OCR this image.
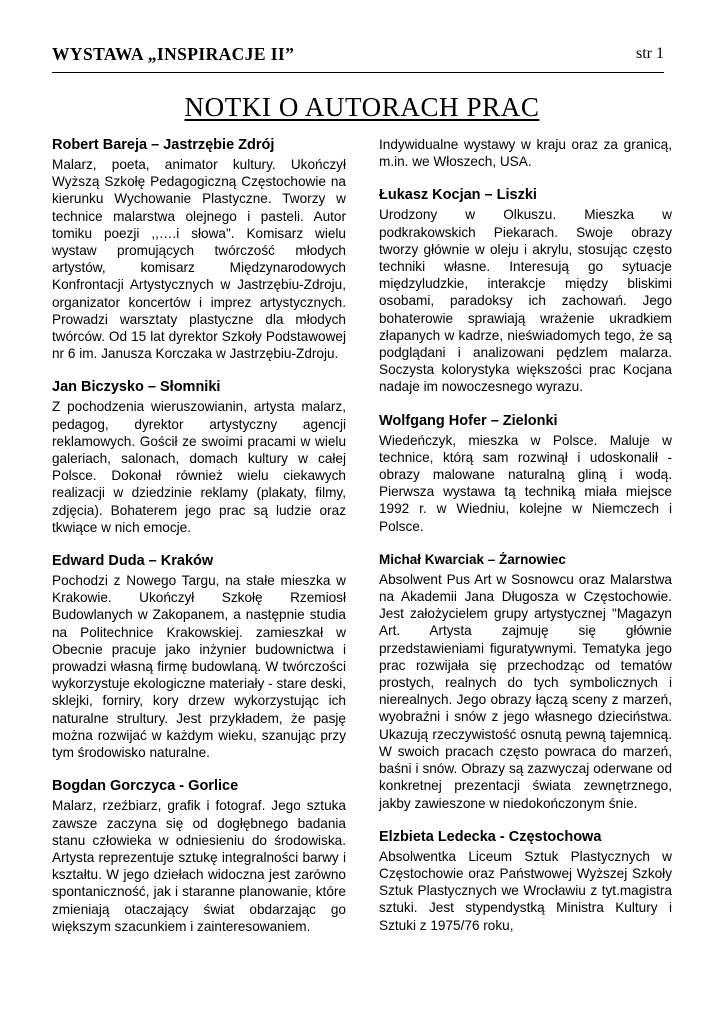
WYSTAWA „INSPIRACJE II”	str 1
NOTKI O AUTORACH PRAC
Robert Bareja – Jastrzębie Zdrój

Malarz, poeta, animator kultury. Ukończył Wyższą Szkołę Pedagogiczną Częstochowie na kierunku Wychowanie Plastyczne. Tworzy w technice malarstwa olejnego i pasteli. Autor tomiku poezji ,,….i słowa". Komisarz wielu wystaw promujących twórczość młodych artystów, komisarz Międzynarodowych Konfrontacji Artystycznych w Jastrzębiu-Zdroju, organizator koncertów i imprez artystycznych. Prowadzi warsztaty plastyczne dla młodych twórców. Od 15 lat dyrektor Szkoły Podstawowej nr 6 im. Janusza Korczaka w Jastrzębiu-Zdroju.

Jan Biczysko – Słomniki

Z pochodzenia wieruszowianin, artysta malarz, pedagog, dyrektor artystyczny agencji reklamowych. Gościł ze swoimi pracami w wielu galeriach, salonach, domach kultury w całej Polsce. Dokonał również wielu ciekawych realizacji w dziedzinie reklamy (plakaty, filmy, zdjęcia). Bohaterem jego prac są ludzie oraz tkwiące w nich emocje.

Edward Duda – Kraków

Pochodzi z Nowego Targu, na stałe mieszka w Krakowie. Ukończył Szkołę Rzemiosł Budowlanych w Zakopanem, a następnie studia na Politechnice Krakowskiej. zamieszkał w Obecnie pracuje jako inżynier budownictwa i prowadzi własną firmę budowlaną. W twórczości wykorzystuje ekologiczne materiały - stare deski, sklejki, forniry, kory drzew wykorzystując ich naturalne strultury. Jest przykładem, że pasję można rozwijać w każdym wieku, szanując przy tym środowisko naturalne.

Bogdan Gorczyca - Gorlice

Malarz, rzeźbiarz, grafik i fotograf. Jego sztuka zawsze zaczyna się od dogłębnego badania stanu człowieka w odniesieniu do środowiska. Artysta reprezentuje sztukę integralności barwy i kształtu. W jego dziełach widoczna jest zarówno spontaniczność, jak i staranne planowanie, które zmieniają otaczający świat obdarzając go większym szacunkiem i zainteresowaniem.

Indywidualne wystawy w kraju oraz za granicą, m.in. we Włoszech, USA.

Łukasz Kocjan – Liszki

Urodzony w Olkuszu. Mieszka w podkrakowskich Piekarach. Swoje obrazy tworzy głównie w oleju i akrylu, stosując często techniki własne. Interesują go sytuacje międzyludzkie, interakcje między bliskimi osobami, paradoksy ich zachowań. Jego bohaterowie sprawiają wrażenie ukradkiem złapanych w kadrze, nieświadomych tego, że są podglądani i analizowani pędzlem malarza. Soczysta kolorystyka większości prac Kocjana nadaje im nowoczesnego wyrazu.

Wolfgang Hofer – Zielonki

Wiedeńczyk, mieszka w Polsce. Maluje w technice, którą sam rozwinął i udoskonalił - obrazy malowane naturalną gliną i wodą. Pierwsza wystawa tą techniką miała miejsce 1992 r. w Wiedniu, kolejne w Niemczech i Polsce.

Michał Kwarciak – Żarnowiec

Absolwent Pus Art w Sosnowcu oraz Malarstwa na Akademii Jana Długosza w Częstochowie. Jest założycielem grupy artystycznej "Magazyn Art. Artysta zajmuję się głównie przedstawieniami figuratywnymi. Tematyka jego prac rozwijała się przechodząc od tematów prostych, realnych do tych symbolicznych i nierealnych. Jego obrazy łączą sceny z marzeń, wyobraźni i snów z jego własnego dzieciństwa. Ukazują rzeczywistość osnutą pewną tajemnicą. W swoich pracach często powraca do marzeń, baśni i snów. Obrazy są zazwyczaj oderwane od konkretnej prezentacji świata zewnętrznego, jakby zawieszone w niedokończonym śnie.

Elzbieta Ledecka - Częstochowa

Absolwentka Liceum Sztuk Plastycznych w Częstochowie oraz Państwowej Wyższej Szkoły Sztuk Plastycznych we Wrocławiu z tyt.magistra sztuki. Jest stypendystką Ministra Kultury i Sztuki z 1975/76 roku,
